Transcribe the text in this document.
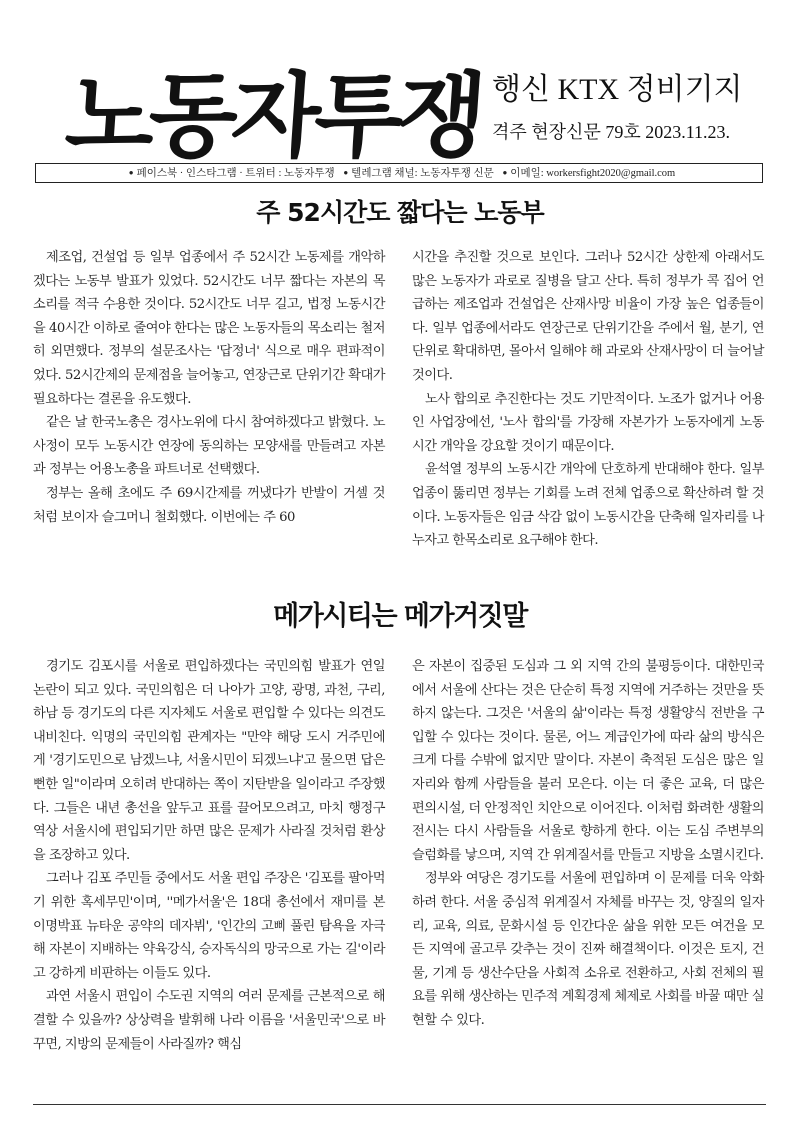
노동자투쟁 행신 KTX 정비기지
격주 현장신문 79호 2023.11.23.
● 페이스북 · 인스타그램 · 트위터 : 노동자투쟁 ● 텔레그램 채널: 노동자투쟁 신문 ● 이메일: workersfight2020@gmail.com
주 52시간도 짧다는 노동부

제조업, 건설업 등 일부 업종에서 주 52시간 노동제를 개악하겠다는 노동부 발표가 있었다. 52시간도 너무 짧다는 자본의 목소리를 적극 수용한 것이다. 52시간도 너무 길고, 법정 노동시간을 40시간 이하로 줄여야 한다는 많은 노동자들의 목소리는 철저히 외면했다. 정부의 설문조사는 '답정너' 식으로 매우 편파적이었다. 52시간제의 문제점을 늘어놓고, 연장근로 단위기간 확대가 필요하다는 결론을 유도했다.

같은 날 한국노총은 경사노위에 다시 참여하겠다고 밝혔다. 노사정이 모두 노동시간 연장에 동의하는 모양새를 만들려고 자본과 정부는 어용노총을 파트너로 선택했다.

정부는 올해 초에도 주 69시간제를 꺼냈다가 반발이 거셀 것처럼 보이자 슬그머니 철회했다. 이번에는 주 60

시간을 추진할 것으로 보인다. 그러나 52시간 상한제 아래서도 많은 노동자가 과로로 질병을 달고 산다. 특히 정부가 콕 집어 언급하는 제조업과 건설업은 산재사망 비율이 가장 높은 업종들이다. 일부 업종에서라도 연장근로 단위기간을 주에서 월, 분기, 연 단위로 확대하면, 몰아서 일해야 해 과로와 산재사망이 더 늘어날 것이다.

노사 합의로 추진한다는 것도 기만적이다. 노조가 없거나 어용인 사업장에선, '노사 합의'를 가장해 자본가가 노동자에게 노동시간 개악을 강요할 것이기 때문이다.

윤석열 정부의 노동시간 개악에 단호하게 반대해야 한다. 일부 업종이 뚫리면 정부는 기회를 노려 전체 업종으로 확산하려 할 것이다. 노동자들은 임금 삭감 없이 노동시간을 단축해 일자리를 나누자고 한목소리로 요구해야 한다.

메가시티는 메가거짓말

경기도 김포시를 서울로 편입하겠다는 국민의힘 발표가 연일 논란이 되고 있다. 국민의힘은 더 나아가 고양, 광명, 과천, 구리, 하남 등 경기도의 다른 지자체도 서울로 편입할 수 있다는 의견도 내비친다. 익명의 국민의힘 관계자는 "만약 해당 도시 거주민에게 '경기도민으로 남겠느냐, 서울시민이 되겠느냐'고 물으면 답은 뻔한 일"이라며 오히려 반대하는 쪽이 지탄받을 일이라고 주장했다. 그들은 내년 총선을 앞두고 표를 끌어모으려고, 마치 행정구역상 서울시에 편입되기만 하면 많은 문제가 사라질 것처럼 환상을 조장하고 있다.

그러나 김포 주민들 중에서도 서울 편입 주장은 '김포를 팔아먹기 위한 혹세무민'이며, ''메가서울'은 18대 총선에서 재미를 본 이명박표 뉴타운 공약의 데자뷔', '인간의 고삐 풀린 탐욕을 자극해 자본이 지배하는 약육강식, 승자독식의 망국으로 가는 길'이라고 강하게 비판하는 이들도 있다.

과연 서울시 편입이 수도권 지역의 여러 문제를 근본적으로 해결할 수 있을까? 상상력을 발휘해 나라 이름을 '서울민국'으로 바꾸면, 지방의 문제들이 사라질까? 핵심

은 자본이 집중된 도심과 그 외 지역 간의 불평등이다. 대한민국에서 서울에 산다는 것은 단순히 특정 지역에 거주하는 것만을 뜻하지 않는다. 그것은 '서울의 삶'이라는 특정 생활양식 전반을 구입할 수 있다는 것이다. 물론, 어느 계급인가에 따라 삶의 방식은 크게 다를 수밖에 없지만 말이다. 자본이 축적된 도심은 많은 일자리와 함께 사람들을 불러 모은다. 이는 더 좋은 교육, 더 많은 편의시설, 더 안정적인 치안으로 이어진다. 이처럼 화려한 생활의 전시는 다시 사람들을 서울로 향하게 한다. 이는 도심 주변부의 슬럼화를 낳으며, 지역 간 위계질서를 만들고 지방을 소멸시킨다.

정부와 여당은 경기도를 서울에 편입하며 이 문제를 더욱 악화하려 한다. 서울 중심적 위계질서 자체를 바꾸는 것, 양질의 일자리, 교육, 의료, 문화시설 등 인간다운 삶을 위한 모든 여건을 모든 지역에 골고루 갖추는 것이 진짜 해결책이다. 이것은 토지, 건물, 기계 등 생산수단을 사회적 소유로 전환하고, 사회 전체의 필요를 위해 생산하는 민주적 계획경제 체제로 사회를 바꿀 때만 실현할 수 있다.
